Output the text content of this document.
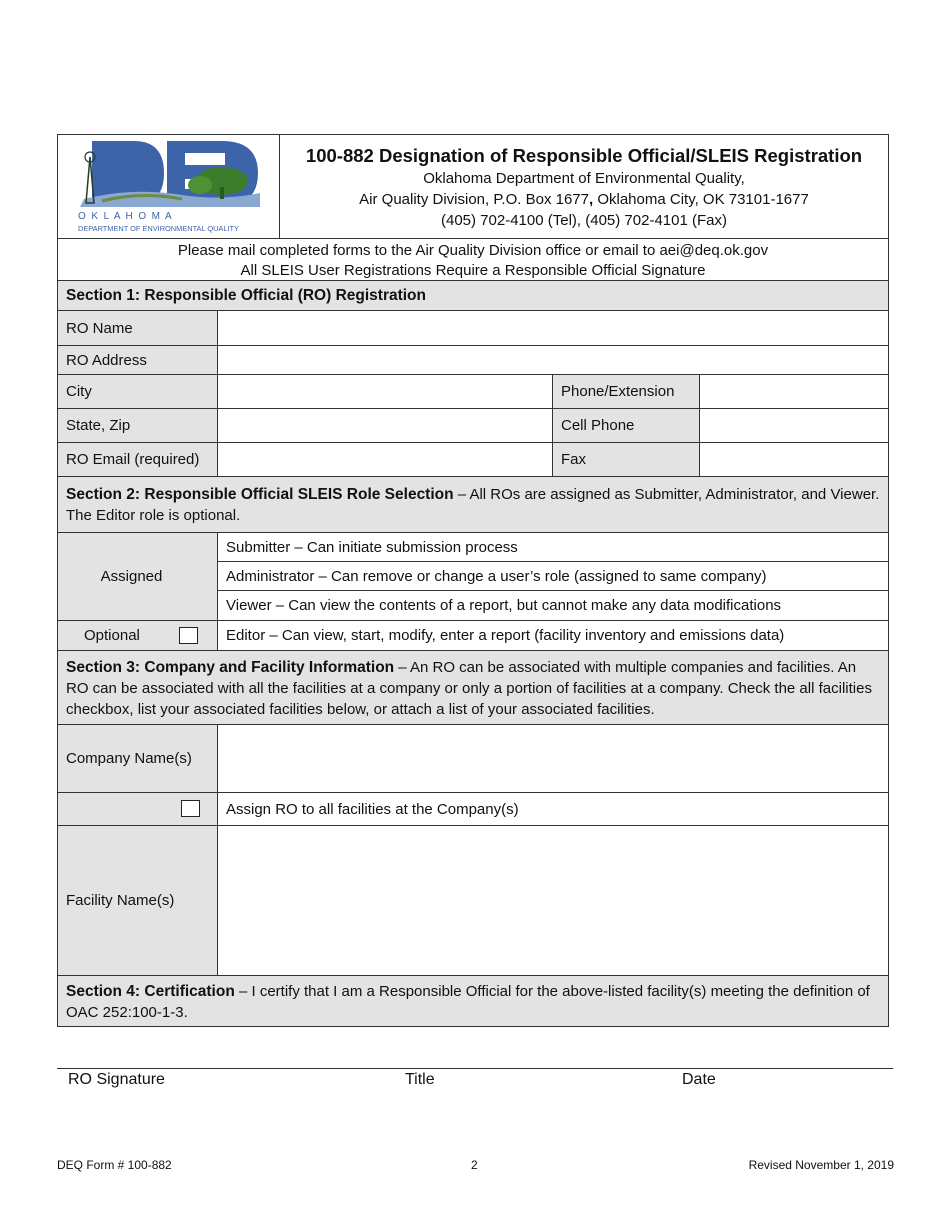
O K L A H O M A
DEPARTMENT OF ENVIRONMENTAL QUALITY
100-882 Designation of Responsible Official/SLEIS Registration
Oklahoma Department of Environmental Quality,
Air Quality Division, P.O. Box 1677, Oklahoma City, OK 73101-1677
(405) 702-4100 (Tel), (405) 702-4101 (Fax)
Please mail completed forms to the Air Quality Division office or email to aei@deq.ok.gov
All SLEIS User Registrations Require a Responsible Official Signature
Section 1: Responsible Official (RO) Registration
RO Name
RO Address
City	Phone/Extension
State, Zip	Cell Phone
RO Email (required)	Fax
Section 2: Responsible Official SLEIS Role Selection – All ROs are assigned as Submitter, Administrator, and Viewer. The Editor role is optional.
Assigned
Submitter – Can initiate submission process
Administrator – Can remove or change a user’s role (assigned to same company)
Viewer – Can view the contents of a report, but cannot make any data modifications
Optional	Editor – Can view, start, modify, enter a report (facility inventory and emissions data)
Section 3: Company and Facility Information – An RO can be associated with multiple companies and facilities. An RO can be associated with all the facilities at a company or only a portion of facilities at a company. Check the all facilities checkbox, list your associated facilities below, or attach a list of your associated facilities.
Company Name(s)
Assign RO to all facilities at the Company(s)
Facility Name(s)
Section 4: Certification – I certify that I am a Responsible Official for the above-listed facility(s) meeting the definition of OAC 252:100-1-3.
RO Signature	Title	Date
DEQ Form # 100-882	2	Revised November 1, 2019
